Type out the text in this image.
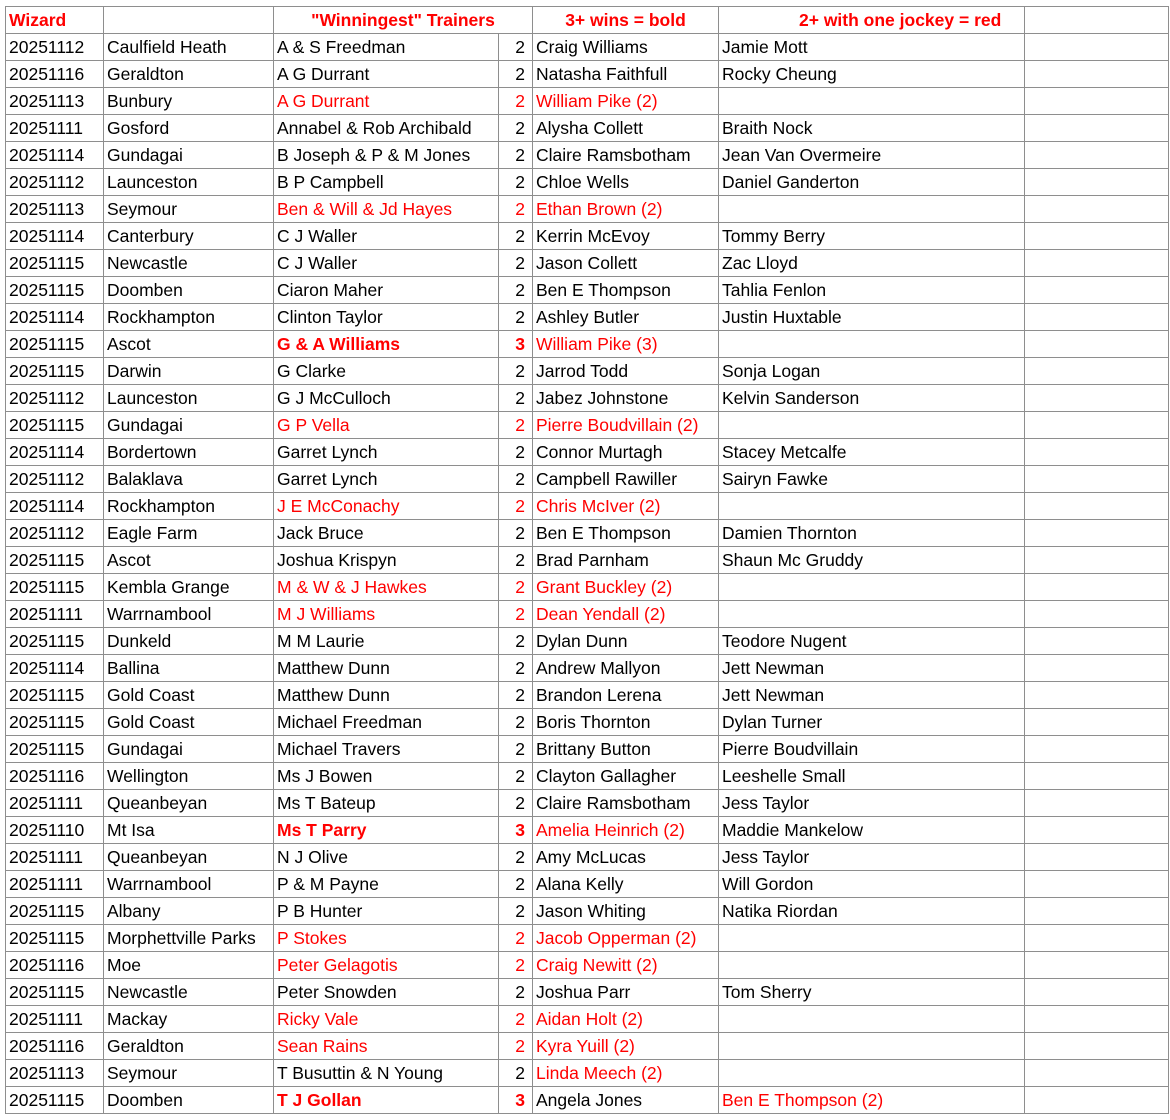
Wizard		"Winningest" Trainers		3+ wins = bold	2+ with one jockey = red	
20251112	Caulfield Heath	A & S Freedman	2	Craig Williams	Jamie Mott	
20251116	Geraldton	A G Durrant	2	Natasha Faithfull	Rocky Cheung	
20251113	Bunbury	A G Durrant	2	William Pike (2)		
20251111	Gosford	Annabel & Rob Archibald	2	Alysha Collett	Braith Nock	
20251114	Gundagai	B Joseph & P & M Jones	2	Claire Ramsbotham	Jean Van Overmeire	
20251112	Launceston	B P Campbell	2	Chloe Wells	Daniel Ganderton	
20251113	Seymour	Ben & Will & Jd Hayes	2	Ethan Brown (2)		
20251114	Canterbury	C J Waller	2	Kerrin McEvoy	Tommy Berry	
20251115	Newcastle	C J Waller	2	Jason Collett	Zac Lloyd	
20251115	Doomben	Ciaron Maher	2	Ben E Thompson	Tahlia Fenlon	
20251114	Rockhampton	Clinton Taylor	2	Ashley Butler	Justin Huxtable	
20251115	Ascot	G & A Williams	3	William Pike (3)		
20251115	Darwin	G Clarke	2	Jarrod Todd	Sonja Logan	
20251112	Launceston	G J McCulloch	2	Jabez Johnstone	Kelvin Sanderson	
20251115	Gundagai	G P Vella	2	Pierre Boudvillain (2)		
20251114	Bordertown	Garret Lynch	2	Connor Murtagh	Stacey Metcalfe	
20251112	Balaklava	Garret Lynch	2	Campbell Rawiller	Sairyn Fawke	
20251114	Rockhampton	J E McConachy	2	Chris McIver (2)		
20251112	Eagle Farm	Jack Bruce	2	Ben E Thompson	Damien Thornton	
20251115	Ascot	Joshua Krispyn	2	Brad Parnham	Shaun Mc Gruddy	
20251115	Kembla Grange	M & W & J Hawkes	2	Grant Buckley (2)		
20251111	Warrnambool	M J Williams	2	Dean Yendall (2)		
20251115	Dunkeld	M M Laurie	2	Dylan Dunn	Teodore Nugent	
20251114	Ballina	Matthew Dunn	2	Andrew Mallyon	Jett Newman	
20251115	Gold Coast	Matthew Dunn	2	Brandon Lerena	Jett Newman	
20251115	Gold Coast	Michael Freedman	2	Boris Thornton	Dylan Turner	
20251115	Gundagai	Michael Travers	2	Brittany Button	Pierre Boudvillain	
20251116	Wellington	Ms J Bowen	2	Clayton Gallagher	Leeshelle Small	
20251111	Queanbeyan	Ms T Bateup	2	Claire Ramsbotham	Jess Taylor	
20251110	Mt Isa	Ms T Parry	3	Amelia Heinrich (2)	Maddie Mankelow	
20251111	Queanbeyan	N J Olive	2	Amy McLucas	Jess Taylor	
20251111	Warrnambool	P & M Payne	2	Alana Kelly	Will Gordon	
20251115	Albany	P B Hunter	2	Jason Whiting	Natika Riordan	
20251115	Morphettville Parks	P Stokes	2	Jacob Opperman (2)		
20251116	Moe	Peter Gelagotis	2	Craig Newitt (2)		
20251115	Newcastle	Peter Snowden	2	Joshua Parr	Tom Sherry	
20251111	Mackay	Ricky Vale	2	Aidan Holt (2)		
20251116	Geraldton	Sean Rains	2	Kyra Yuill (2)		
20251113	Seymour	T Busuttin & N Young	2	Linda Meech (2)		
20251115	Doomben	T J Gollan	3	Angela Jones	Ben E Thompson (2)	
